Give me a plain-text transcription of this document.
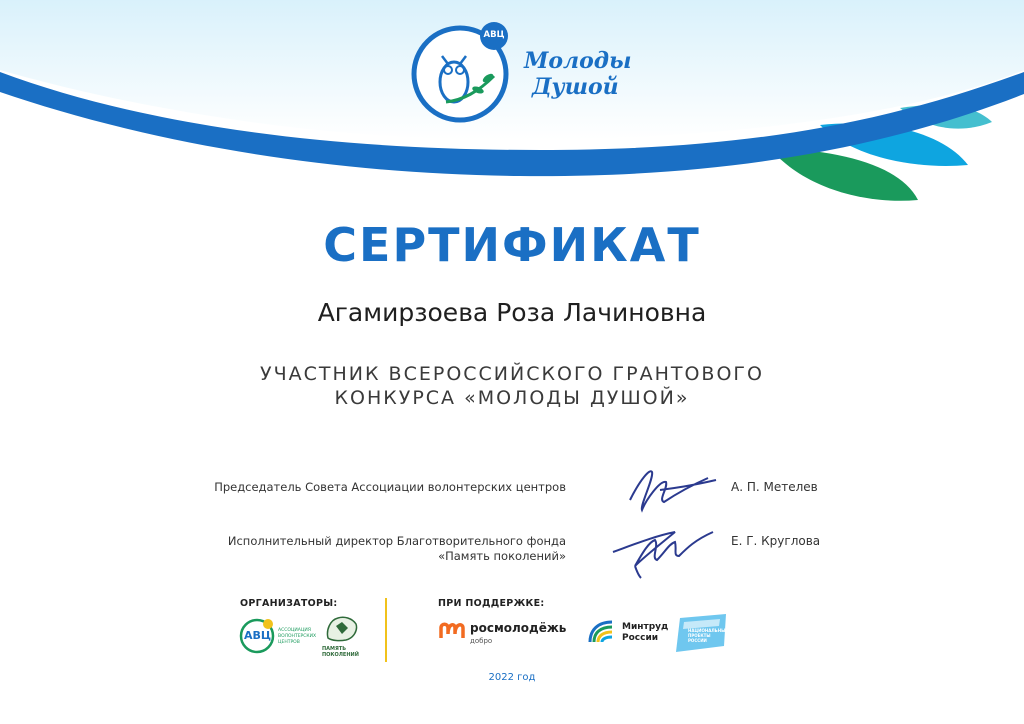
АВЦ
Молоды
Душой
СЕРТИФИКАТ
Агамирзоева Роза Лачиновна
УЧАСТНИК ВСЕРОССИЙСКОГО ГРАНТОВОГО
КОНКУРСА «МОЛОДЫ ДУШОЙ»
Председатель Совета Ассоциации волонтерских центров	А. П. Метелев
Исполнительный директор Благотворительного фонда
«Память поколений»
Е. Г. Круглова
ОРГАНИЗАТОРЫ:
АВЦ АССОЦИАЦИЯ ВОЛОНТЕРСКИХ ЦЕНТРОВ
ПАМЯТЬ ПОКОЛЕНИЙ
ПРИ ПОДДЕРЖКЕ:
росмолодёжь
добро
Минтруд
России
НАЦИОНАЛЬНЫЕ ПРОЕКТЫ РОССИИ
2022 год
